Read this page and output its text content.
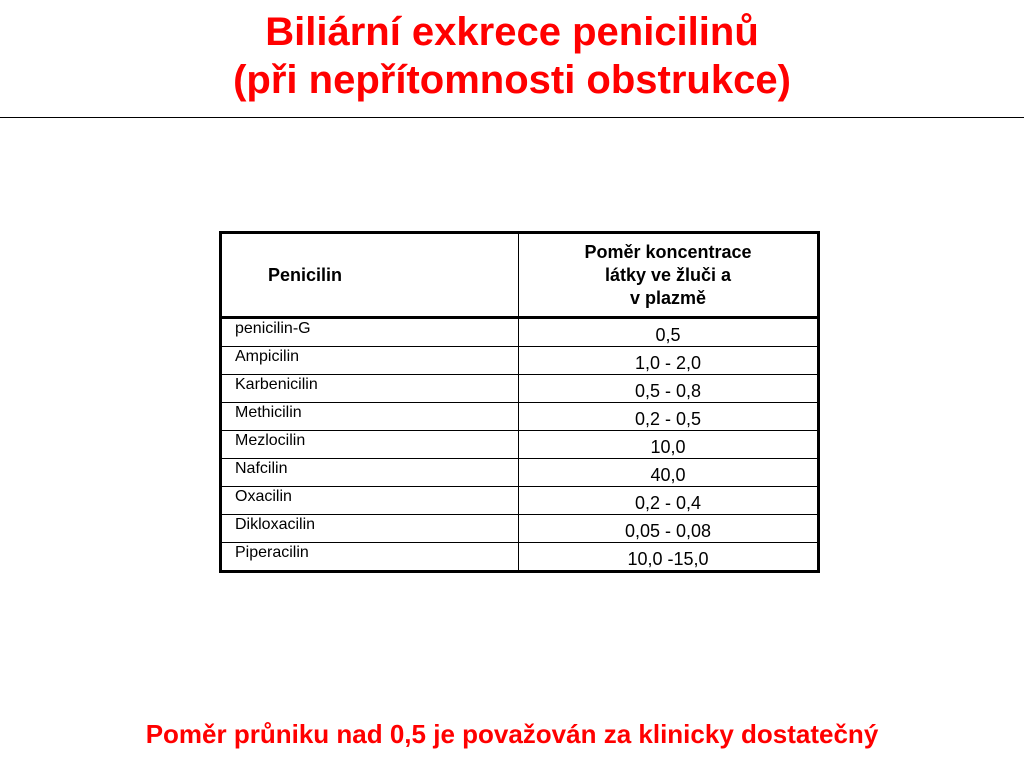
Biliární exkrece penicilinů
(při nepřítomnosti obstrukce)
Penicilin	Poměr koncentrace
látky ve žluči a
v plazmě

penicilin-G	0,5
Ampicilin	1,0 - 2,0
Karbenicilin	0,5 - 0,8
Methicilin	0,2 - 0,5
Mezlocilin	10,0
Nafcilin	40,0
Oxacilin	0,2 - 0,4
Dikloxacilin	0,05 - 0,08
Piperacilin	10,0 -15,0
Poměr průniku nad 0,5 je považován za klinicky dostatečný
